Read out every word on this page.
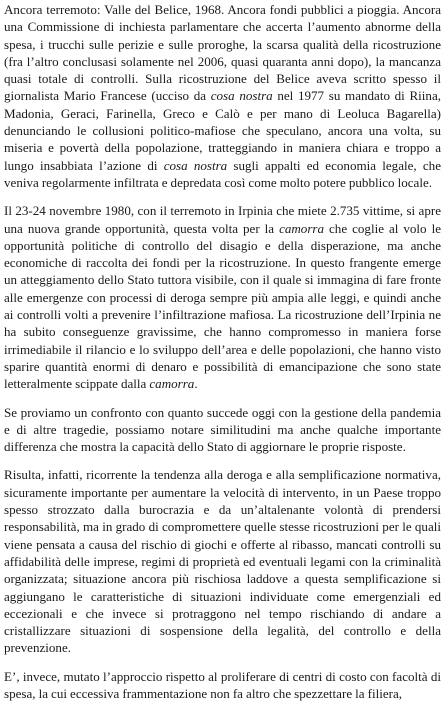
Ancora terremoto: Valle del Belice, 1968. Ancora fondi pubblici a pioggia. Ancora una Commissione di inchiesta parlamentare che accerta l’aumento abnorme della spesa, i trucchi sulle perizie e sulle proroghe, la scarsa qualità della ricostruzione (fra l’altro conclusasi solamente nel 2006, quasi quaranta anni dopo), la mancanza quasi totale di controlli. Sulla ricostruzione del Belice aveva scritto spesso il giornalista Mario Francese (ucciso da cosa nostra nel 1977 su mandato di Riina, Madonia, Geraci, Farinella, Greco e Calò e per mano di Leoluca Bagarella) denunciando le collusioni politico-mafiose che speculano, ancora una volta, su miseria e povertà della popolazione, tratteggiando in maniera chiara e troppo a lungo insabbiata l’azione di cosa nostra sugli appalti ed economia legale, che veniva regolarmente infiltrata e depredata così come molto potere pubblico locale.

Il 23-24 novembre 1980, con il terremoto in Irpinia che miete 2.735 vittime, si apre una nuova grande opportunità, questa volta per la camorra che coglie al volo le opportunità politiche di controllo del disagio e della disperazione, ma anche economiche di raccolta dei fondi per la ricostruzione. In questo frangente emerge un atteggiamento dello Stato tuttora visibile, con il quale si immagina di fare fronte alle emergenze con processi di deroga sempre più ampia alle leggi, e quindi anche ai controlli volti a prevenire l’infiltrazione mafiosa. La ricostruzione dell’Irpinia ne ha subito conseguenze gravissime, che hanno compromesso in maniera forse irrimediabile il rilancio e lo sviluppo dell’area e delle popolazioni, che hanno visto sparire quantità enormi di denaro e possibilità di emancipazione che sono state letteralmente scippate dalla camorra.

Se proviamo un confronto con quanto succede oggi con la gestione della pandemia e di altre tragedie, possiamo notare similitudini ma anche qualche importante differenza che mostra la capacità dello Stato di aggiornare le proprie risposte.

Risulta, infatti, ricorrente la tendenza alla deroga e alla semplificazione normativa, sicuramente importante per aumentare la velocità di intervento, in un Paese troppo spesso strozzato dalla burocrazia e da un’altalenante volontà di prendersi responsabilità, ma in grado di compromettere quelle stesse ricostruzioni per le quali viene pensata a causa del rischio di giochi e offerte al ribasso, mancati controlli su affidabilità delle imprese, regimi di proprietà ed eventuali legami con la criminalità organizzata; situazione ancora più rischiosa laddove a questa semplificazione si aggiungano le caratteristiche di situazioni individuate come emergenziali ed eccezionali e che invece si protraggono nel tempo rischiando di andare a cristallizzare situazioni di sospensione della legalità, del controllo e della prevenzione.

E’, invece, mutato l’approccio rispetto al proliferare di centri di costo con facoltà di spesa, la cui eccessiva frammentazione non fa altro che spezzettare la filiera,
